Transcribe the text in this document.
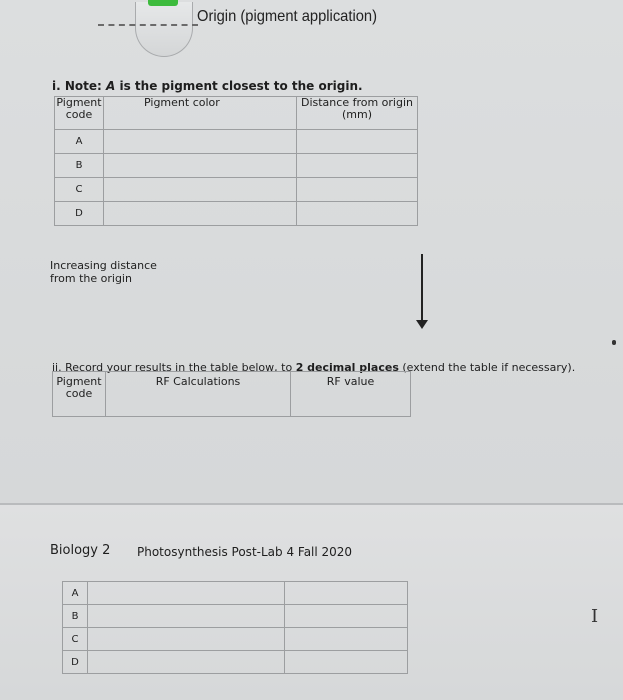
Origin (pigment application)
i. Note: A is the pigment closest to the origin.
Pigment code	Pigment color	Distance from origin (mm)
A		
B		
C		
D		
Increasing distance from the origin
ii. Record your results in the table below, to 2 decimal places (extend the table if necessary).
Pigment code	RF Calculations	RF value
Biology 2 Photosynthesis Post-Lab 4 Fall 2020
A		
B		
C		
D		
I
